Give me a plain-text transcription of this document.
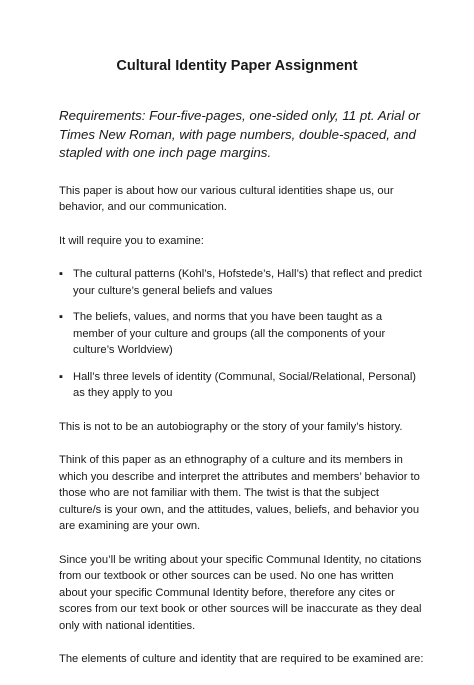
Cultural Identity Paper Assignment

Requirements: Four-five-pages, one-sided only, 11 pt. Arial or Times New Roman, with page numbers, double-spaced, and stapled with one inch page margins.

This paper is about how our various cultural identities shape us, our behavior, and our communication.

It will require you to examine:

▪ The cultural patterns (Kohl’s, Hofstede’s, Hall’s) that reflect and predict your culture’s general beliefs and values

▪ The beliefs, values, and norms that you have been taught as a member of your culture and groups (all the components of your culture’s Worldview)

▪ Hall’s three levels of identity (Communal, Social/Relational, Personal) as they apply to you

This is not to be an autobiography or the story of your family’s history.

Think of this paper as an ethnography of a culture and its members in which you describe and interpret the attributes and members’ behavior to those who are not familiar with them. The twist is that the subject culture/s is your own, and the attitudes, values, beliefs, and behavior you are examining are your own.

Since you’ll be writing about your specific Communal Identity, no citations from our textbook or other sources can be used. No one has written about your specific Communal Identity before, therefore any cites or scores from our text book or other sources will be inaccurate as they deal only with national identities.

The elements of culture and identity that are required to be examined are:
